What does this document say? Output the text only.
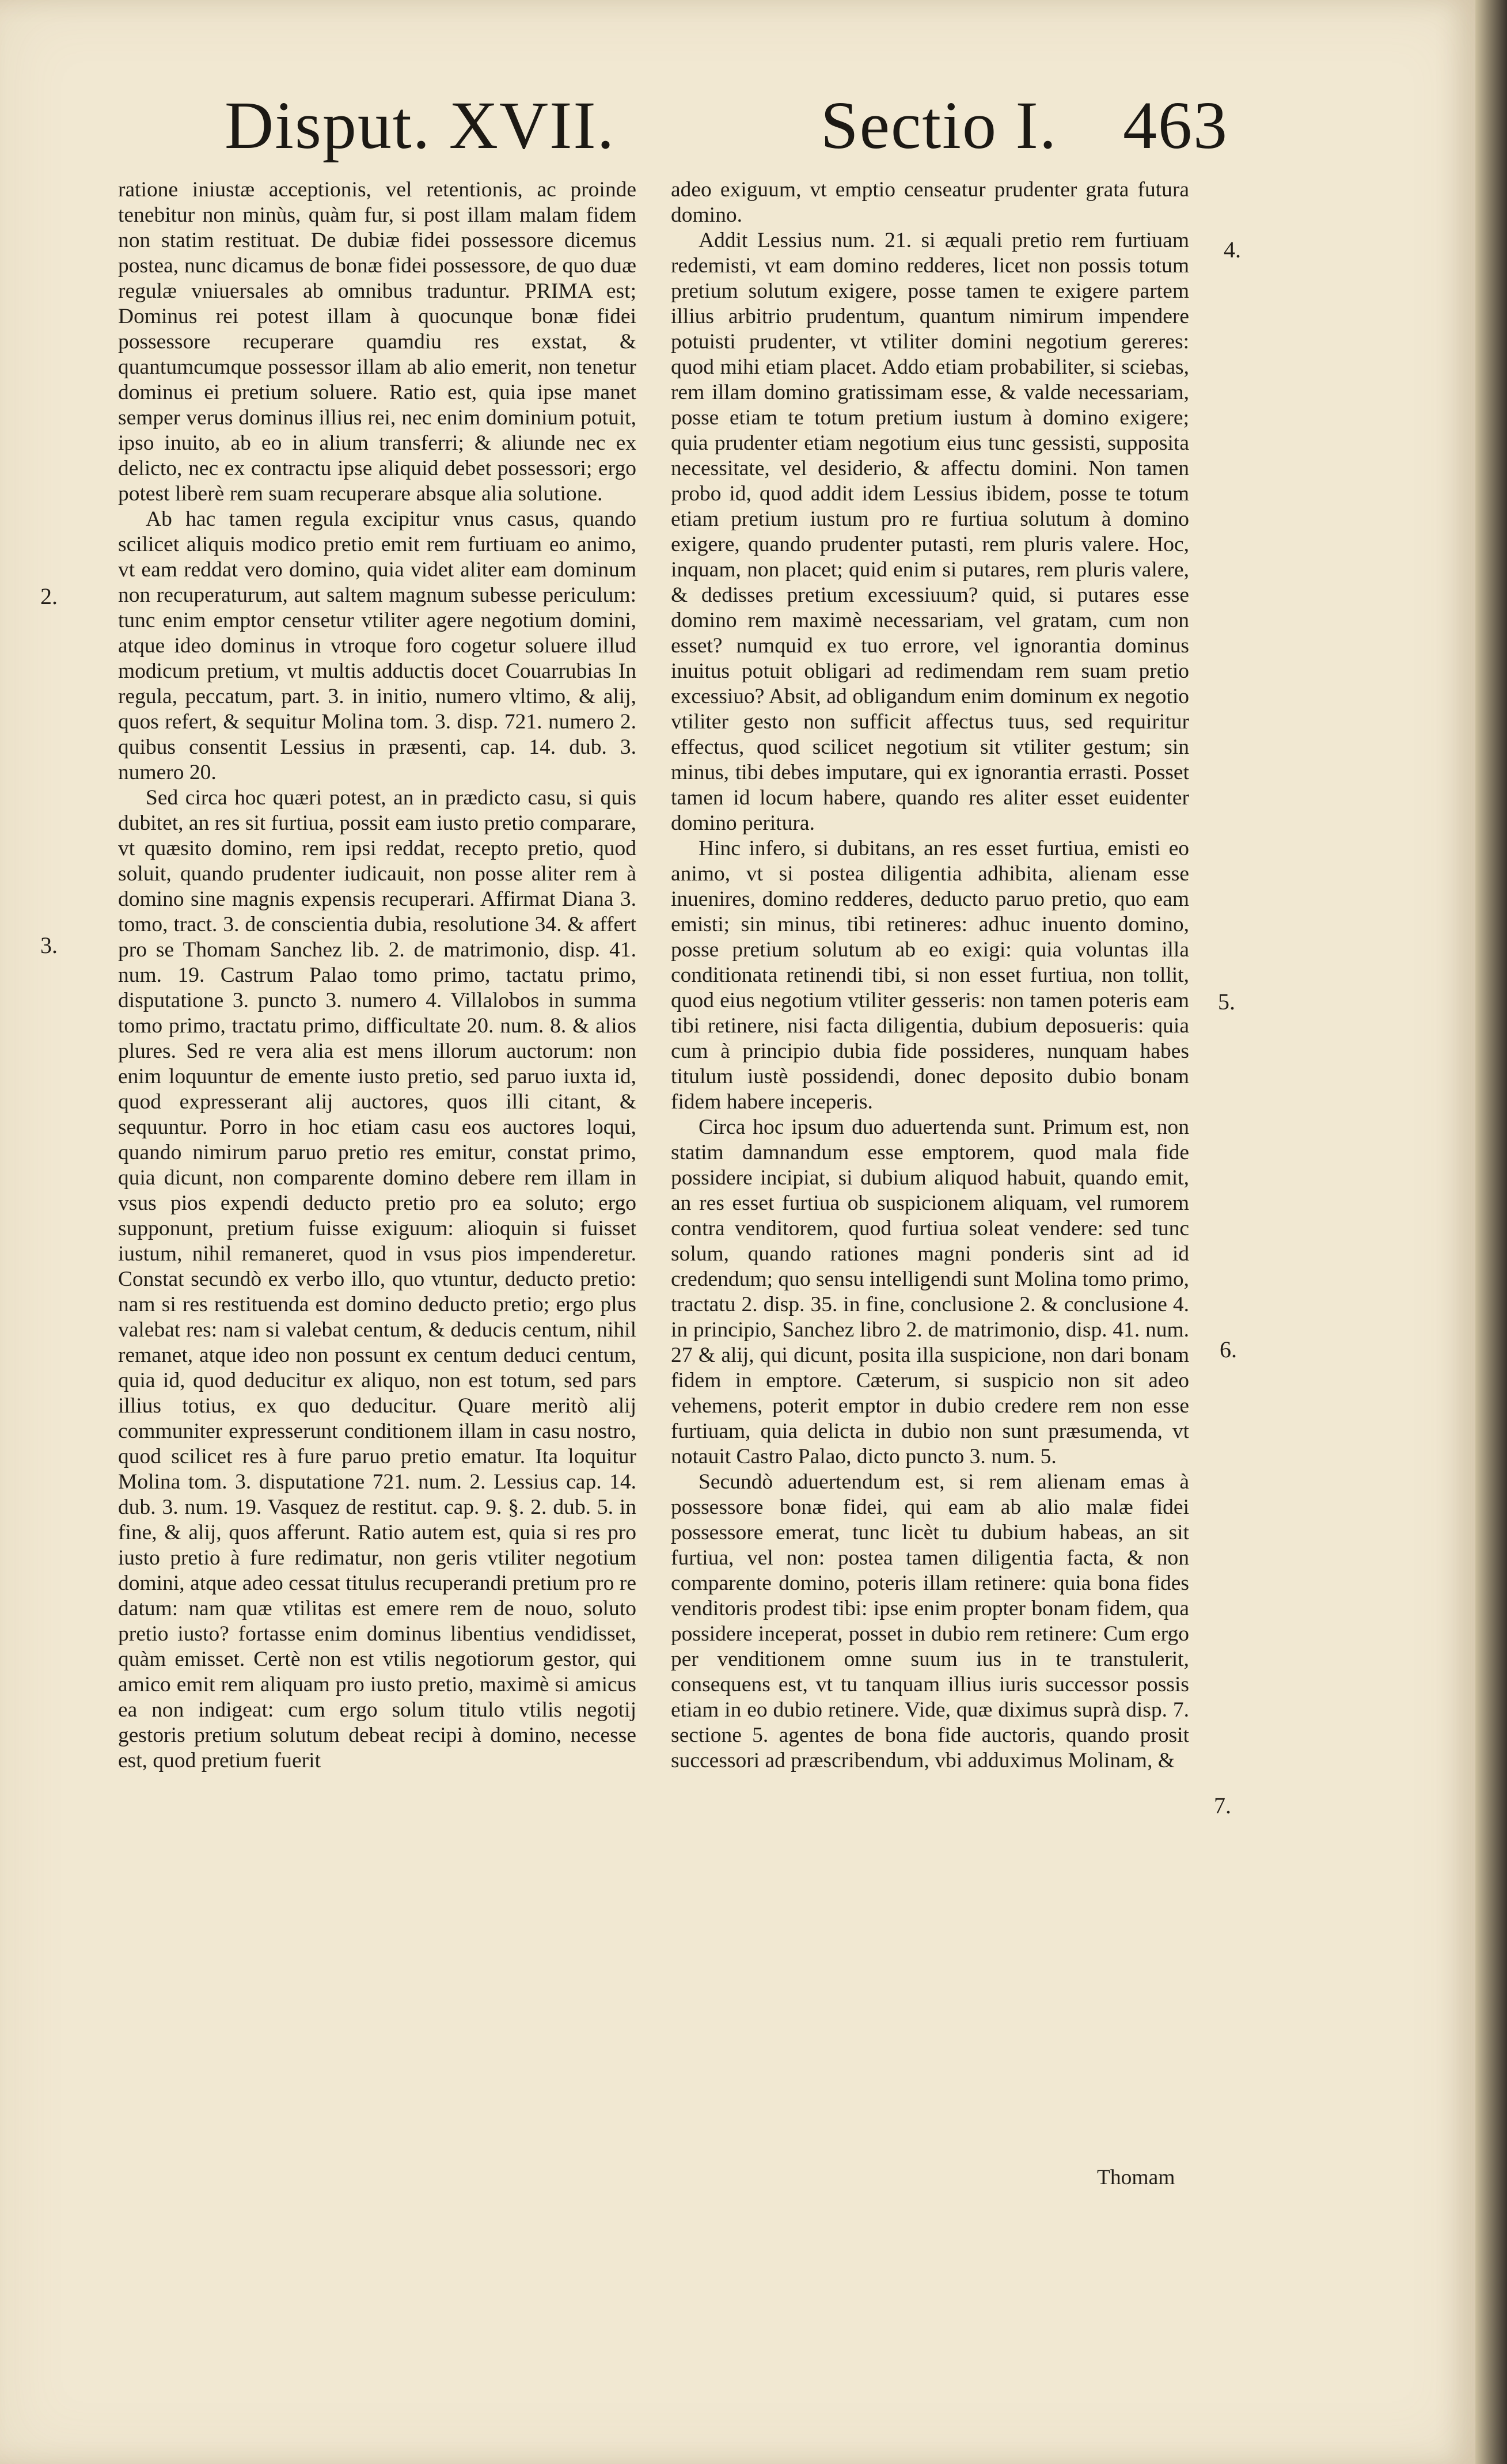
Disput. XVII.	Sectio I. 463
2.
3.
4.
5.
6.
7.

ratione iniustæ acceptionis, vel retentionis, ac proinde tenebitur non minùs, quàm fur, si post illam malam fidem non statim restituat. De dubiæ fidei possessore dicemus postea, nunc dicamus de bonæ fidei possessore, de quo duæ regulæ vniuersales ab omnibus traduntur. PRIMA est; Dominus rei potest illam à quocunque bonæ fidei possessore recuperare quamdiu res exstat, & quantumcumque possessor illam ab alio emerit, non tenetur dominus ei pretium soluere. Ratio est, quia ipse manet semper verus dominus illius rei, nec enim dominium potuit, ipso inuito, ab eo in alium transferri; & aliunde nec ex delicto, nec ex contractu ipse aliquid debet possessori; ergo potest liberè rem suam recuperare absque alia solutione.

Ab hac tamen regula excipitur vnus casus, quando scilicet aliquis modico pretio emit rem furtiuam eo animo, vt eam reddat vero domino, quia videt aliter eam dominum non recuperaturum, aut saltem magnum subesse periculum: tunc enim emptor censetur vtiliter agere negotium domini, atque ideo dominus in vtroque foro cogetur soluere illud modicum pretium, vt multis adductis docet Couarrubias In regula, peccatum, part. 3. in initio, numero vltimo, & alij, quos refert, & sequitur Molina tom. 3. disp. 721. numero 2. quibus consentit Lessius in præsenti, cap. 14. dub. 3. numero 20.

Sed circa hoc quæri potest, an in prædicto casu, si quis dubitet, an res sit furtiua, possit eam iusto pretio comparare, vt quæsito domino, rem ipsi reddat, recepto pretio, quod soluit, quando prudenter iudicauit, non posse aliter rem à domino sine magnis expensis recuperari. Affirmat Diana 3. tomo, tract. 3. de conscientia dubia, resolutione 34. & affert pro se Thomam Sanchez lib. 2. de matrimonio, disp. 41. num. 19. Castrum Palao tomo primo, tactatu primo, disputatione 3. puncto 3. numero 4. Villalobos in summa tomo primo, tractatu primo, difficultate 20. num. 8. & alios plures. Sed re vera alia est mens illorum auctorum: non enim loquuntur de emente iusto pretio, sed paruo iuxta id, quod expresserant alij auctores, quos illi citant, & sequuntur. Porro in hoc etiam casu eos auctores loqui, quando nimirum paruo pretio res emitur, constat primo, quia dicunt, non comparente domino debere rem illam in vsus pios expendi deducto pretio pro ea soluto; ergo supponunt, pretium fuisse exiguum: alioquin si fuisset iustum, nihil remaneret, quod in vsus pios impenderetur. Constat secundò ex verbo illo, quo vtuntur, deducto pretio: nam si res restituenda est domino deducto pretio; ergo plus valebat res: nam si valebat centum, & deducis centum, nihil remanet, atque ideo non possunt ex centum deduci centum, quia id, quod deducitur ex aliquo, non est totum, sed pars illius totius, ex quo deducitur. Quare meritò alij communiter expresserunt conditionem illam in casu nostro, quod scilicet res à fure paruo pretio ematur. Ita loquitur Molina tom. 3. disputatione 721. num. 2. Lessius cap. 14. dub. 3. num. 19. Vasquez de restitut. cap. 9. §. 2. dub. 5. in fine, & alij, quos afferunt. Ratio autem est, quia si res pro iusto pretio à fure redimatur, non geris vtiliter negotium domini, atque adeo cessat titulus recuperandi pretium pro re datum: nam quæ vtilitas est emere rem de nouo, soluto pretio iusto? fortasse enim dominus libentius vendidisset, quàm emisset. Certè non est vtilis negotiorum gestor, qui amico emit rem aliquam pro iusto pretio, maximè si amicus ea non indigeat: cum ergo solum titulo vtilis negotij gestoris pretium solutum debeat recipi à domino, necesse est, quod pretium fuerit

adeo exiguum, vt emptio censeatur prudenter grata futura domino.

Addit Lessius num. 21. si æquali pretio rem furtiuam redemisti, vt eam domino redderes, licet non possis totum pretium solutum exigere, posse tamen te exigere partem illius arbitrio prudentum, quantum nimirum impendere potuisti prudenter, vt vtiliter domini negotium gereres: quod mihi etiam placet. Addo etiam probabiliter, si sciebas, rem illam domino gratissimam esse, & valde necessariam, posse etiam te totum pretium iustum à domino exigere; quia prudenter etiam negotium eius tunc gessisti, supposita necessitate, vel desiderio, & affectu domini. Non tamen probo id, quod addit idem Lessius ibidem, posse te totum etiam pretium iustum pro re furtiua solutum à domino exigere, quando prudenter putasti, rem pluris valere. Hoc, inquam, non placet; quid enim si putares, rem pluris valere, & dedisses pretium excessiuum? quid, si putares esse domino rem maximè necessariam, vel gratam, cum non esset? numquid ex tuo errore, vel ignorantia dominus inuitus potuit obligari ad redimendam rem suam pretio excessiuo? Absit, ad obligandum enim dominum ex negotio vtiliter gesto non sufficit affectus tuus, sed requiritur effectus, quod scilicet negotium sit vtiliter gestum; sin minus, tibi debes imputare, qui ex ignorantia errasti. Posset tamen id locum habere, quando res aliter esset euidenter domino peritura.

Hinc infero, si dubitans, an res esset furtiua, emisti eo animo, vt si postea diligentia adhibita, alienam esse inuenires, domino redderes, deducto paruo pretio, quo eam emisti; sin minus, tibi retineres: adhuc inuento domino, posse pretium solutum ab eo exigi: quia voluntas illa conditionata retinendi tibi, si non esset furtiua, non tollit, quod eius negotium vtiliter gesseris: non tamen poteris eam tibi retinere, nisi facta diligentia, dubium deposueris: quia cum à principio dubia fide possideres, nunquam habes titulum iustè possidendi, donec deposito dubio bonam fidem habere inceperis.

Circa hoc ipsum duo aduertenda sunt. Primum est, non statim damnandum esse emptorem, quod mala fide possidere incipiat, si dubium aliquod habuit, quando emit, an res esset furtiua ob suspicionem aliquam, vel rumorem contra venditorem, quod furtiua soleat vendere: sed tunc solum, quando rationes magni ponderis sint ad id credendum; quo sensu intelligendi sunt Molina tomo primo, tractatu 2. disp. 35. in fine, conclusione 2. & conclusione 4. in principio, Sanchez libro 2. de matrimonio, disp. 41. num. 27 & alij, qui dicunt, posita illa suspicione, non dari bonam fidem in emptore. Cæterum, si suspicio non sit adeo vehemens, poterit emptor in dubio credere rem non esse furtiuam, quia delicta in dubio non sunt præsumenda, vt notauit Castro Palao, dicto puncto 3. num. 5.

Secundò aduertendum est, si rem alienam emas à possessore bonæ fidei, qui eam ab alio malæ fidei possessore emerat, tunc licèt tu dubium habeas, an sit furtiua, vel non: postea tamen diligentia facta, & non comparente domino, poteris illam retinere: quia bona fides venditoris prodest tibi: ipse enim propter bonam fidem, qua possidere inceperat, posset in dubio rem retinere: Cum ergo per venditionem omne suum ius in te transtulerit, consequens est, vt tu tanquam illius iuris successor possis etiam in eo dubio retinere. Vide, quæ diximus suprà disp. 7. sectione 5. agentes de bona fide auctoris, quando prosit successori ad præscribendum, vbi adduximus Molinam, &

Thomam
